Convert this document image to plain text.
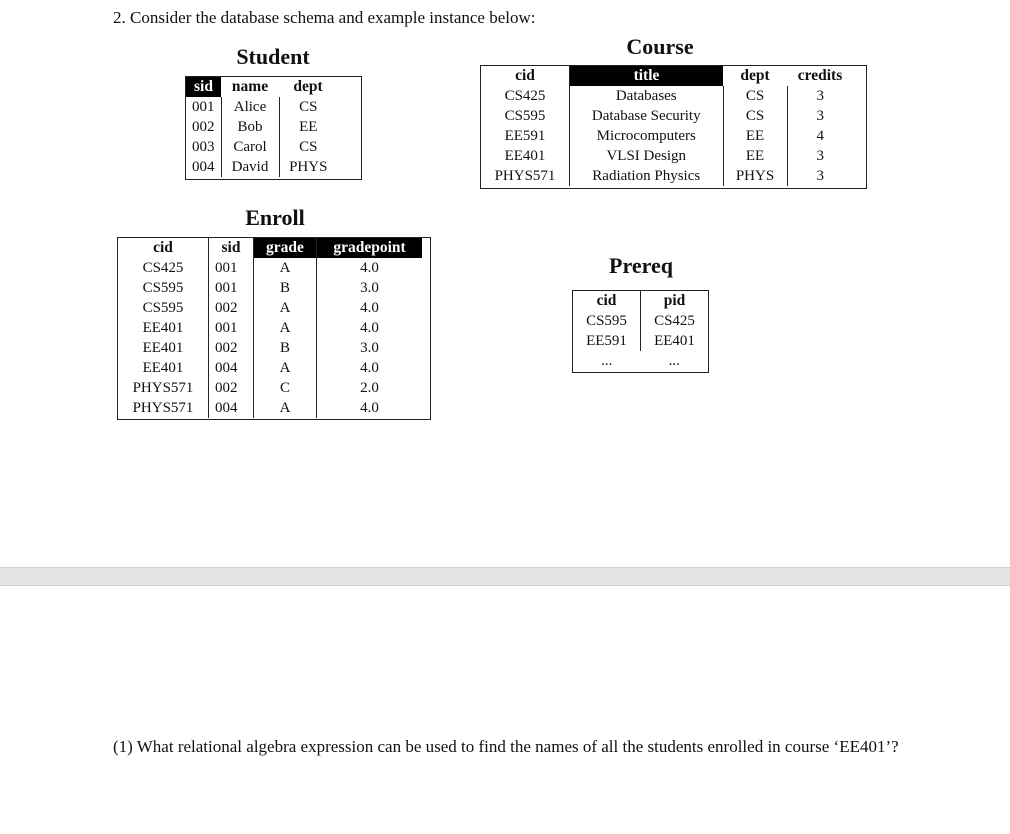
2. Consider the database schema and example instance below:
Student
sid	name	dept
001	Alice	CS
002	Bob	EE
003	Carol	CS
004	David	PHYS
Course
cid	title	dept	credits
CS425	Databases	CS	3
CS595	Database Security	CS	3
EE591	Microcomputers	EE	4
EE401	VLSI Design	EE	3
PHYS571	Radiation Physics	PHYS	3
Enroll
cid	sid	grade	gradepoint
CS425	001	A	4.0
CS595	001	B	3.0
CS595	002	A	4.0
EE401	001	A	4.0
EE401	002	B	3.0
EE401	004	A	4.0
PHYS571	002	C	2.0
PHYS571	004	A	4.0
Prereq
cid	pid
CS595	CS425
EE591	EE401
...	...
(1) What relational algebra expression can be used to find the names of all the students enrolled in course ‘EE401’?
